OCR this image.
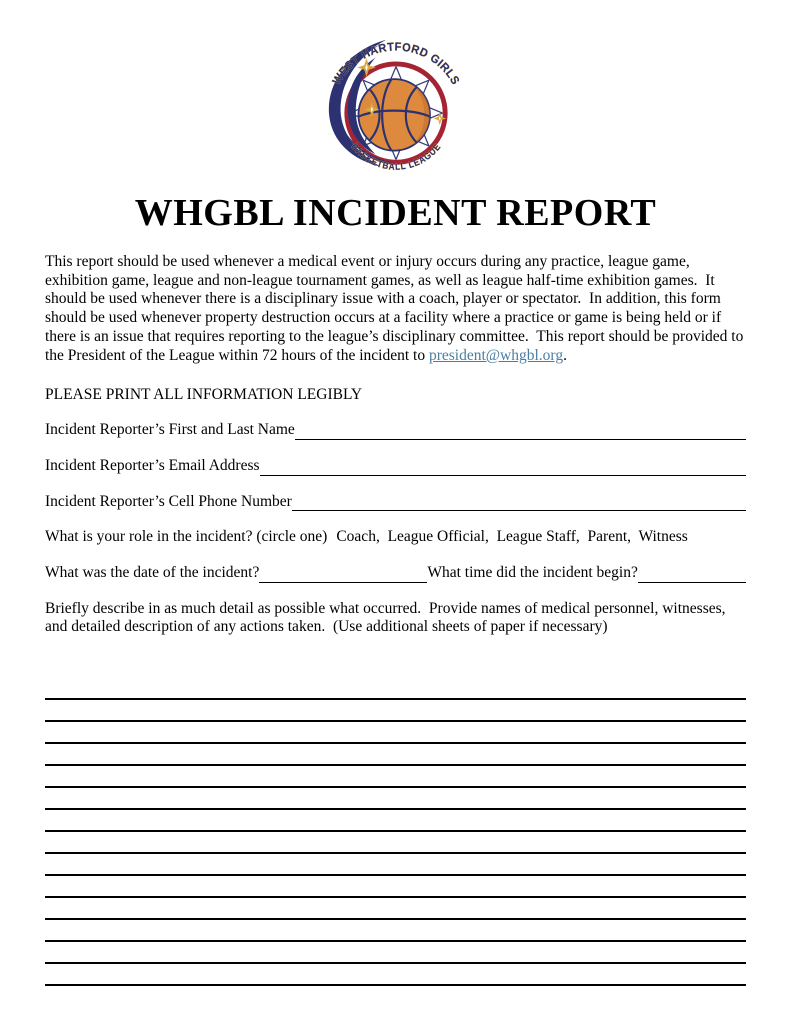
WEST HARTFORD GIRLS
BASKETBALL LEAGUE
WHGBL INCIDENT REPORT

This report should be used whenever a medical event or injury occurs during any practice, league game, exhibition game, league and non-league tournament games, as well as league half-time exhibition games.  It should be used whenever there is a disciplinary issue with a coach, player or spectator.  In addition, this form should be used whenever property destruction occurs at a facility where a practice or game is being held or if there is an issue that requires reporting to the league’s disciplinary committee.  This report should be provided to the President of the League within 72 hours of the incident to president@whgbl.org.

PLEASE PRINT ALL INFORMATION LEGIBLY

Incident Reporter’s First and Last Name
Incident Reporter’s Email Address
Incident Reporter’s Cell Phone Number
What is your role in the incident? (circle one) Coach,  League Official,  League Staff,  Parent,  Witness
What was the date of the incident?	What time did the incident begin?

Briefly describe in as much detail as possible what occurred.  Provide names of medical personnel, witnesses, and detailed description of any actions taken.  (Use additional sheets of paper if necessary)
